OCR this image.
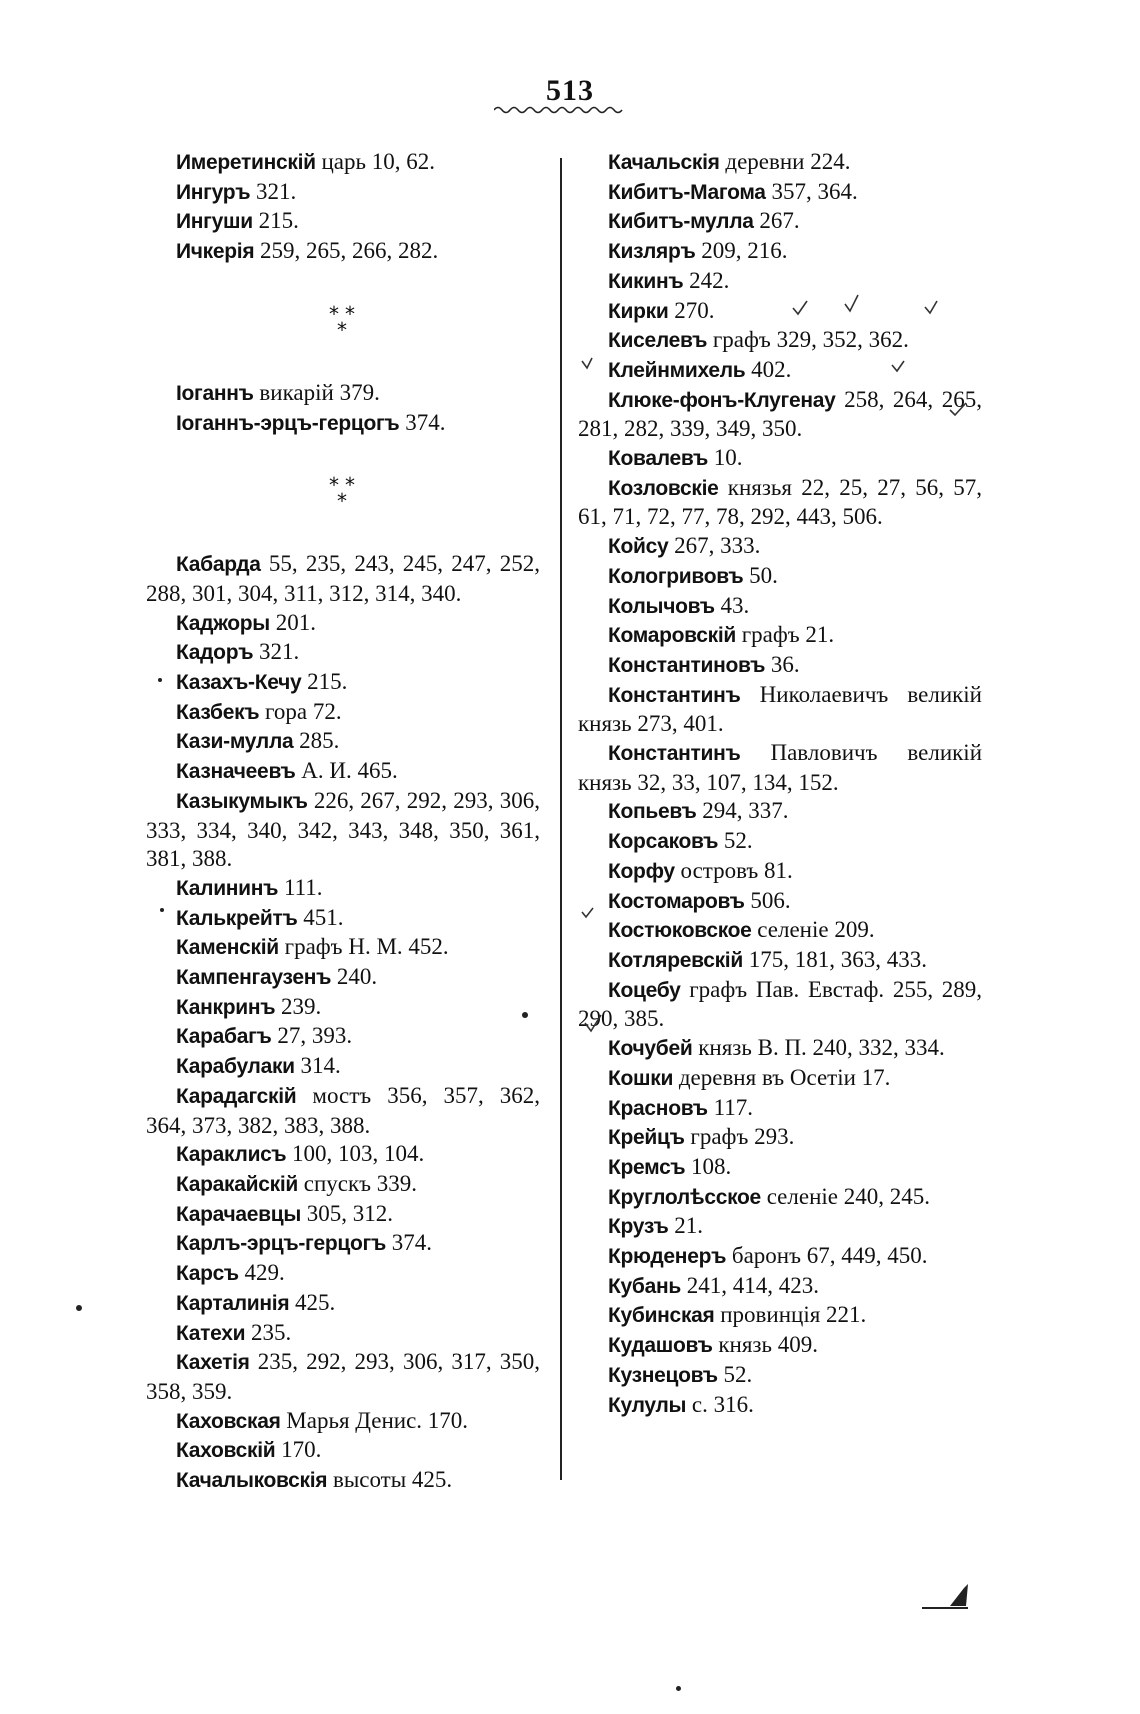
513

Имеретинскій царь 10, 62.

Ингуръ 321.

Ингуши 215.

Ичкерія 259, 265, 266, 282.

* *
*

Іоганнъ викарій 379.

Іоганнъ-эрцъ-герцогъ 374.

* *
*

Кабарда 55, 235, 243, 245, 247, 252, 288, 301, 304, 311, 312, 314, 340.

Каджоры 201.

Кадоръ 321.

Казахъ-Кечу 215.

Казбекъ гора 72.

Кази-мулла 285.

Казначеевъ А. И. 465.

Казыкумыкъ 226, 267, 292, 293, 306, 333, 334, 340, 342, 343, 348, 350, 361, 381, 388.

Калининъ 111.

Калькрейтъ 451.

Каменскій графъ Н. М. 452.

Кампенгаузенъ 240.

Канкринъ 239.

Карабагъ 27, 393.

Карабулаки 314.

Карадагскій мостъ 356, 357, 362, 364, 373, 382, 383, 388.

Караклисъ 100, 103, 104.

Каракайскій спускъ 339.

Карачаевцы 305, 312.

Карлъ-эрцъ-герцогъ 374.

Карсъ 429.

Карталинія 425.

Катехи 235.

Кахетія 235, 292, 293, 306, 317, 350, 358, 359.

Каховская Марья Денис. 170.

Каховскій 170.

Качалыковскія высоты 425.

Качальскія деревни 224.

Кибитъ-Магома 357, 364.

Кибитъ-мулла 267.

Кизляръ 209, 216.

Кикинъ 242.

Кирки 270.

Киселевъ графъ 329, 352, 362.

Клейнмихель 402.

Клюке-фонъ-Клугенау 258, 264, 265, 281, 282, 339, 349, 350.

Ковалевъ 10.

Козловскіе князья 22, 25, 27, 56, 57, 61, 71, 72, 77, 78, 292, 443, 506.

Койсу 267, 333.

Кологривовъ 50.

Колычовъ 43.

Комаровскій графъ 21.

Константиновъ 36.

Константинъ Николаевичъ великій князь 273, 401.

Константинъ Павловичъ великій князь 32, 33, 107, 134, 152.

Копьевъ 294, 337.

Корсаковъ 52.

Корфу островъ 81.

Костомаровъ 506.

Костюковское селеніе 209.

Котляревскій 175, 181, 363, 433.

Коцебу графъ Пав. Евстаф. 255, 289, 290, 385.

Кочубей князь В. П. 240, 332, 334.

Кошки деревня въ Осетіи 17.

Красновъ 117.

Крейцъ графъ 293.

Кремсъ 108.

Круглолѣсское селеніе 240, 245.

Крузъ 21.

Крюденеръ баронъ 67, 449, 450.

Кубань 241, 414, 423.

Кубинская провинція 221.

Кудашовъ князь 409.

Кузнецовъ 52.

Кулулы с. 316.
